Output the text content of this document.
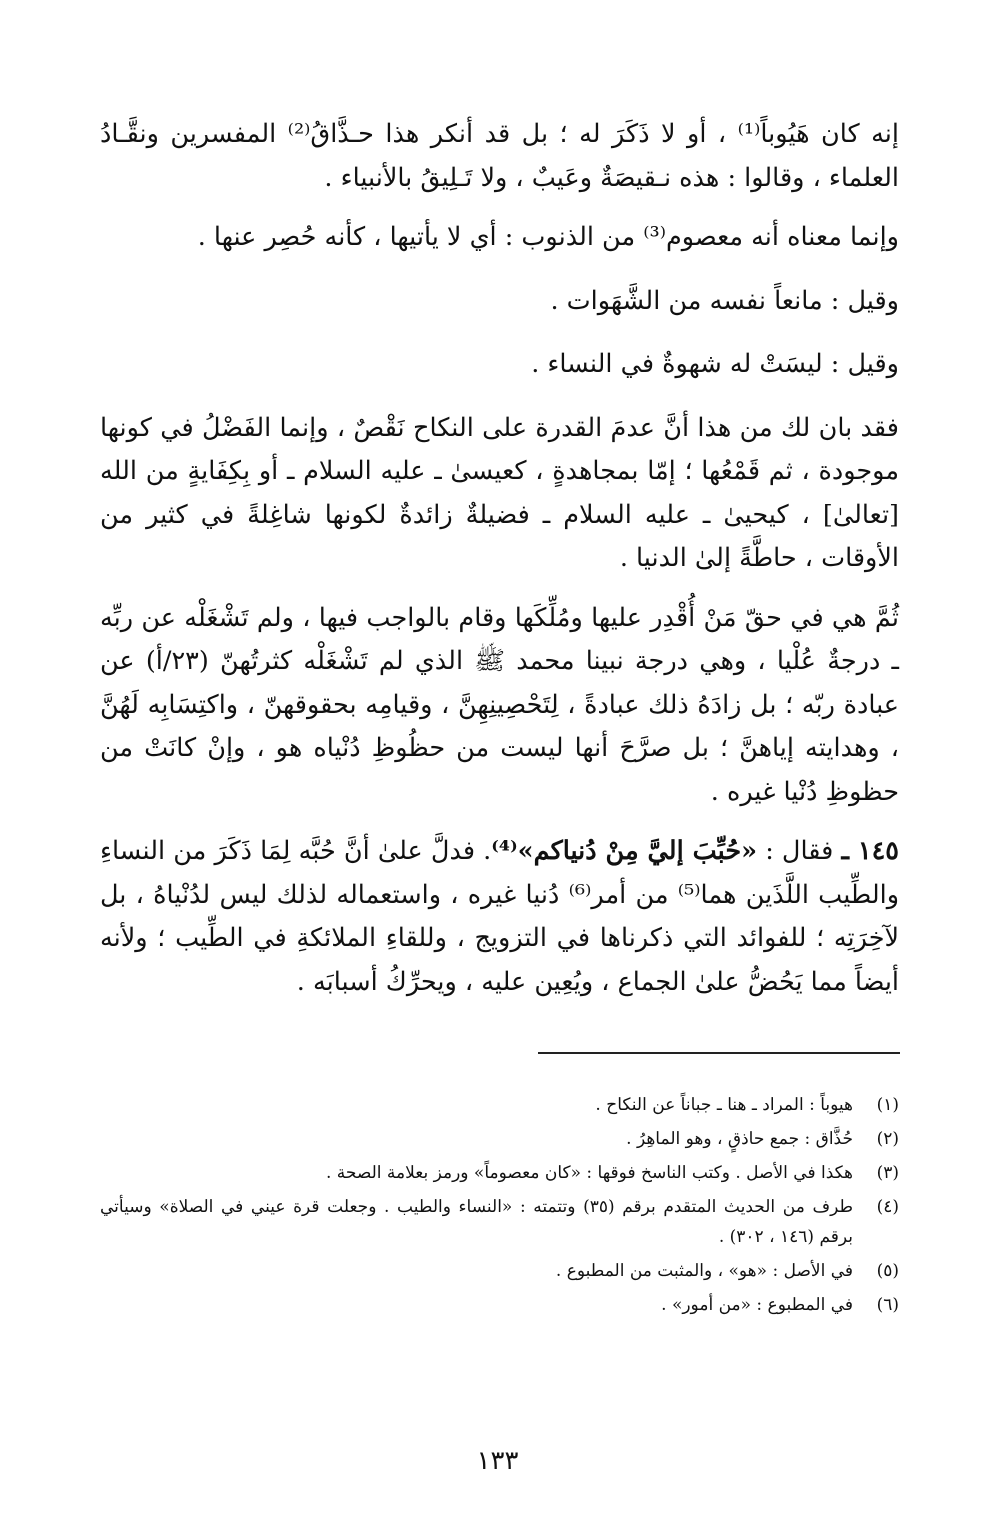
إنه كان هَيُوباً⁽¹⁾ ، أو لا ذَكَرَ له ؛ بل قد أنكر هذا حـذَّاقُ⁽²⁾ المفسرين ونقَّـادُ العلماء ، وقالوا : هذه نـقيصَةٌ وعَيبٌ ، ولا تَـلِيقُ بالأنبياء .

وإنما معناه أنه معصوم⁽³⁾ من الذنوب : أي لا يأتيها ، كأنه حُصِر عنها .

وقيل : مانعاً نفسه من الشَّهَوات .

وقيل : ليسَتْ له شهوةٌ في النساء .

فقد بان لك من هذا أنَّ عدمَ القدرة على النكاح نَقْصٌ ، وإنما الفَضْلُ في كونها موجودة ، ثم قَمْعُها ؛ إمّا بمجاهدةٍ ، كعيسىٰ ـ عليه السلام ـ أو بِكِفَايةٍ من الله [تعالىٰ] ، كيحيىٰ ـ عليه السلام ـ فضيلةٌ زائدةٌ لكونها شاغِلةً في كثير من الأوقات ، حاطَّةً إلىٰ الدنيا .

ثُمَّ هي في حقّ مَنْ أُقْدِر عليها ومُلِّكَها وقام بالواجب فيها ، ولم تَشْغَلْه عن ربِّه ـ درجةٌ عُلْيا ، وهي درجة نبينا محمد ﷺ الذي لم تَشْغَلْه كثرتُهنّ (٢٣/أ) عن عبادة ربّه ؛ بل زادَهُ ذلك عبادةً ، لِتَحْصِينِهِنَّ ، وقيامِه بحقوقهنّ ، واكتِسَابِه لَهُنَّ ، وهدايته إياهنَّ ؛ بل صرَّحَ أنها ليست من حظُوظِ دُنْياه هو ، وإنْ كانَتْ من حظوظِ دُنْيا غيره .

١٤٥ ـ فقال : «حُبِّبَ إليَّ مِنْ دُنياكم»⁽⁴⁾. فدلَّ علىٰ أنَّ حُبَّه لِمَا ذَكَرَ من النساءِ والطِّيب اللَّذَين هما⁽⁵⁾ من أمر⁽⁶⁾ دُنيا غيره ، واستعماله لذلك ليس لدُنْياهُ ، بل لآخِرَتِه ؛ للفوائد التي ذكرناها في التزويج ، وللقاءِ الملائكةِ في الطِّيب ؛ ولأنه أيضاً مما يَحُضُّ علىٰ الجماع ، ويُعِين عليه ، ويحرِّكُ أسبابَه .

(١)
هيوباً : المراد ـ هنا ـ جباناً عن النكاح .
(٢)
حُذَّاق : جمع حاذقٍ ، وهو الماهِرُ .
(٣)
هكذا في الأصل . وكتب الناسخ فوقها : «كان معصوماً» ورمز بعلامة الصحة .
(٤)
طرف من الحديث المتقدم برقم (٣٥) وتتمته : «النساء والطيب . وجعلت قرة عيني في الصلاة» وسيأتي برقم (١٤٦ ، ٣٠٢) .
(٥)
في الأصل : «هو» ، والمثبت من المطبوع .
(٦)
في المطبوع : «من أمور» .
١٣٣
